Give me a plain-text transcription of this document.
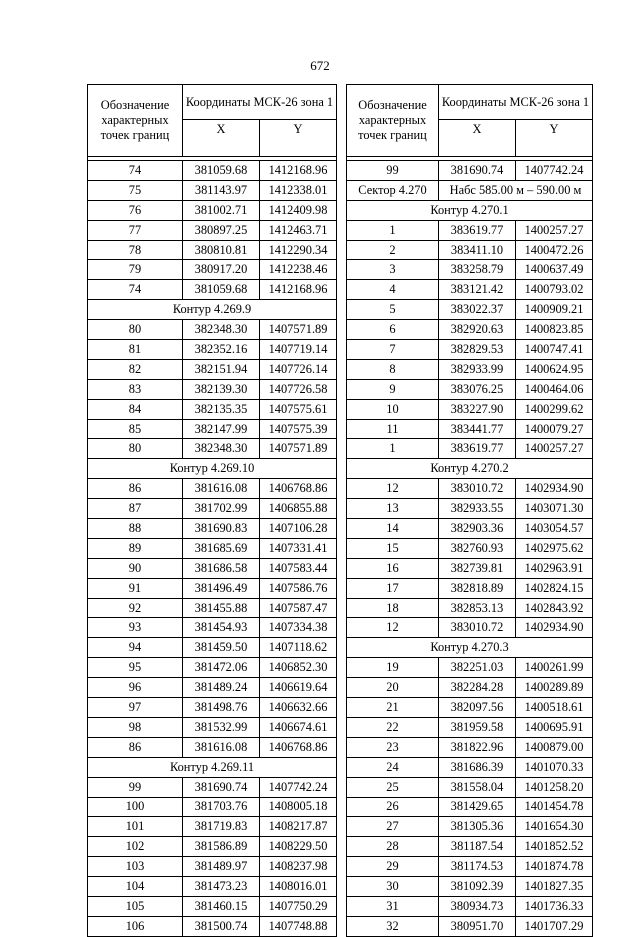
672
Обозначение характерных точек границ	Координаты МСК-26 зона 1	
	X	Y

74	381059.68	1412168.96
75	381143.97	1412338.01
76	381002.71	1412409.98
77	380897.25	1412463.71
78	380810.81	1412290.34
79	380917.20	1412238.46
74	381059.68	1412168.96
Контур 4.269.9		
80	382348.30	1407571.89
81	382352.16	1407719.14
82	382151.94	1407726.14
83	382139.30	1407726.58
84	382135.35	1407575.61
85	382147.99	1407575.39
80	382348.30	1407571.89
Контур 4.269.10		
86	381616.08	1406768.86
87	381702.99	1406855.88
88	381690.83	1407106.28
89	381685.69	1407331.41
90	381686.58	1407583.44
91	381496.49	1407586.76
92	381455.88	1407587.47
93	381454.93	1407334.38
94	381459.50	1407118.62
95	381472.06	1406852.30
96	381489.24	1406619.64
97	381498.76	1406632.66
98	381532.99	1406674.61
86	381616.08	1406768.86
Контур 4.269.11		
99	381690.74	1407742.24
100	381703.76	1408005.18
101	381719.83	1408217.87
102	381586.89	1408229.50
103	381489.97	1408237.98
104	381473.23	1408016.01
105	381460.15	1407750.29
106	381500.74	1407748.88
Обозначение характерных точек границ	Координаты МСК-26 зона 1	
	X	Y

99	381690.74	1407742.24
Сектор 4.270	Набс 585.00 м – 590.00 м	
Контур 4.270.1		
1	383619.77	1400257.27
2	383411.10	1400472.26
3	383258.79	1400637.49
4	383121.42	1400793.02
5	383022.37	1400909.21
6	382920.63	1400823.85
7	382829.53	1400747.41
8	382933.99	1400624.95
9	383076.25	1400464.06
10	383227.90	1400299.62
11	383441.77	1400079.27
1	383619.77	1400257.27
Контур 4.270.2		
12	383010.72	1402934.90
13	382933.55	1403071.30
14	382903.36	1403054.57
15	382760.93	1402975.62
16	382739.81	1402963.91
17	382818.89	1402824.15
18	382853.13	1402843.92
12	383010.72	1402934.90
Контур 4.270.3		
19	382251.03	1400261.99
20	382284.28	1400289.89
21	382097.56	1400518.61
22	381959.58	1400695.91
23	381822.96	1400879.00
24	381686.39	1401070.33
25	381558.04	1401258.20
26	381429.65	1401454.78
27	381305.36	1401654.30
28	381187.54	1401852.52
29	381174.53	1401874.78
30	381092.39	1401827.35
31	380934.73	1401736.33
32	380951.70	1401707.29
